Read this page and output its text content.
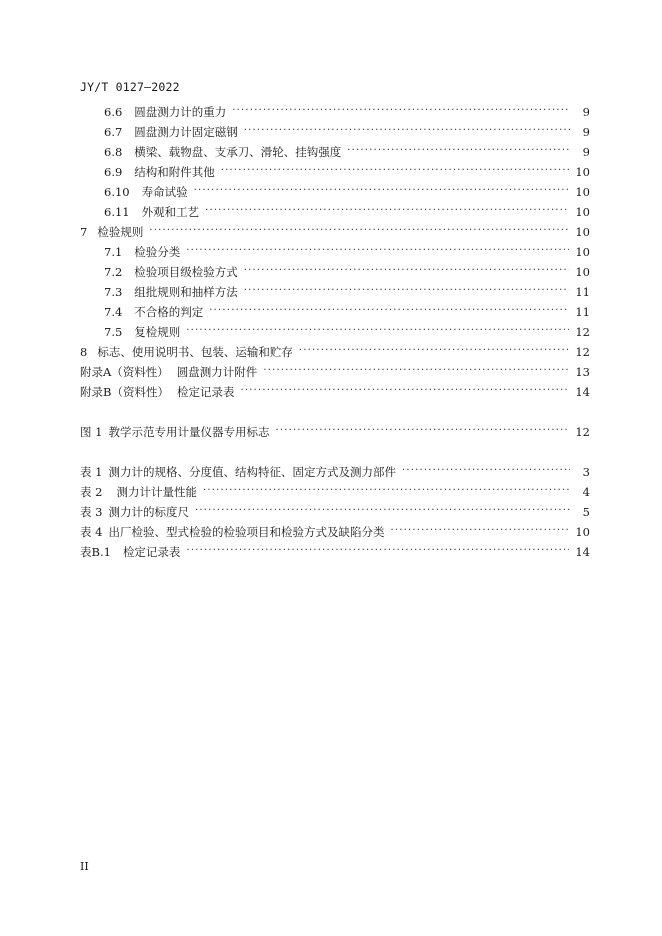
JY/T 0127—2022
6.6 圆盘测力计的重力 ·····	9
6.7 圆盘测力计固定磁钢 ·····	9
6.8 横梁、载物盘、支承刀、滑轮、挂钩强度 ·····	9
6.9 结构和附件其他 ·····	10
6.10 寿命试验 ·····	10
6.11 外观和工艺 ·····	10
7 检验规则 ·····	10
7.1 检验分类 ·····	10
7.2 检验项目级检验方式 ·····	10
7.3 组批规则和抽样方法 ·····	11
7.4 不合格的判定 ·····	11
7.5 复检规则 ·····	12
8 标志、使用说明书、包装、运输和贮存 ·····	12
附录A（资料性） 圆盘测力计附件 ·····	13
附录B（资料性） 检定记录表 ·····	14
图 1 教学示范专用计量仪器专用标志 ·····	12
表 1 测力计的规格、分度值、结构特征、固定方式及测力部件 ·····	3
表 2 测力计计量性能 ·····	4
表 3 测力计的标度尺 ·····	5
表 4 出厂检验、型式检验的检验项目和检验方式及缺陷分类 ·····	10
表B.1 检定记录表 ·····	14
II
